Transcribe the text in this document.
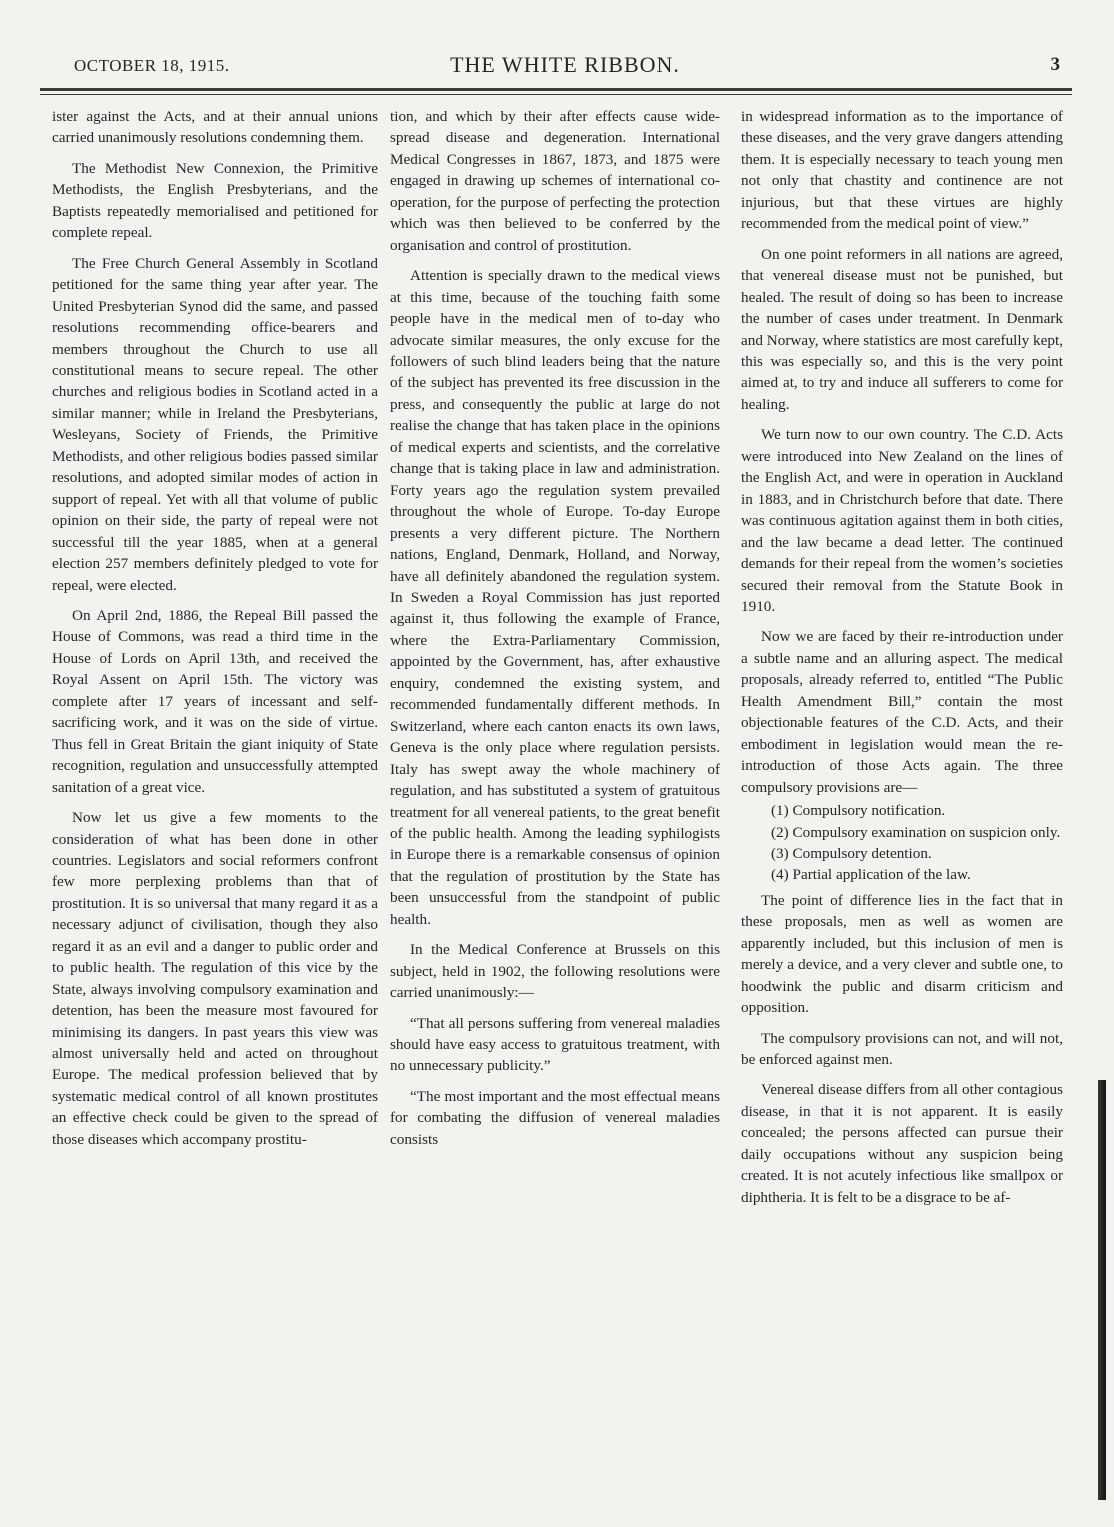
OCTOBER 18, 1915.	THE WHITE RIBBON.	3

ister against the Acts, and at their annual unions carried unanimously resolutions condemning them.

The Methodist New Connexion, the Primitive Methodists, the English Presbyterians, and the Baptists repeatedly memorialised and petitioned for complete repeal.

The Free Church General Assembly in Scotland petitioned for the same thing year after year. The United Presbyterian Synod did the same, and passed resolutions recommending office-bearers and members throughout the Church to use all constitutional means to secure repeal. The other churches and religious bodies in Scotland acted in a similar manner; while in Ireland the Presbyterians, Wesleyans, Society of Friends, the Primitive Methodists, and other religious bodies passed similar resolutions, and adopted similar modes of action in support of repeal. Yet with all that volume of public opinion on their side, the party of repeal were not successful till the year 1885, when at a general election 257 members definitely pledged to vote for repeal, were elected.

On April 2nd, 1886, the Repeal Bill passed the House of Commons, was read a third time in the House of Lords on April 13th, and received the Royal Assent on April 15th. The victory was complete after 17 years of incessant and self-sacrificing work, and it was on the side of virtue. Thus fell in Great Britain the giant iniquity of State recognition, regulation and unsuccessfully attempted sanitation of a great vice.

Now let us give a few moments to the consideration of what has been done in other countries. Legislators and social reformers confront few more perplexing problems than that of prostitution. It is so universal that many regard it as a necessary adjunct of civilisation, though they also regard it as an evil and a danger to public order and to public health. The regulation of this vice by the State, always involving compulsory examination and detention, has been the measure most favoured for minimising its dangers. In past years this view was almost universally held and acted on throughout Europe. The medical profession believed that by systematic medical control of all known prostitutes an effective check could be given to the spread of those diseases which accompany prostitu-

tion, and which by their after effects cause wide-spread disease and degeneration. International Medical Congresses in 1867, 1873, and 1875 were engaged in drawing up schemes of international co-operation, for the purpose of perfecting the protection which was then believed to be conferred by the organisation and control of prostitution.

Attention is specially drawn to the medical views at this time, because of the touching faith some people have in the medical men of to-day who advocate similar measures, the only excuse for the followers of such blind leaders being that the nature of the subject has prevented its free discussion in the press, and consequently the public at large do not realise the change that has taken place in the opinions of medical experts and scientists, and the correlative change that is taking place in law and administration. Forty years ago the regulation system prevailed throughout the whole of Europe. To-day Europe presents a very different picture. The Northern nations, England, Denmark, Holland, and Norway, have all definitely abandoned the regulation system. In Sweden a Royal Commission has just reported against it, thus following the example of France, where the Extra-Parliamentary Commission, appointed by the Government, has, after exhaustive enquiry, condemned the existing system, and recommended fundamentally different methods. In Switzerland, where each canton enacts its own laws, Geneva is the only place where regulation persists. Italy has swept away the whole machinery of regulation, and has substituted a system of gratuitous treatment for all venereal patients, to the great benefit of the public health. Among the leading syphilogists in Europe there is a remarkable consensus of opinion that the regulation of prostitution by the State has been unsuccessful from the standpoint of public health.

In the Medical Conference at Brussels on this subject, held in 1902, the following resolutions were carried unanimously:—

“That all persons suffering from venereal maladies should have easy access to gratuitous treatment, with no unnecessary publicity.”

“The most important and the most effectual means for combating the diffusion of venereal maladies consists

in widespread information as to the importance of these diseases, and the very grave dangers attending them. It is especially necessary to teach young men not only that chastity and continence are not injurious, but that these virtues are highly recommended from the medical point of view.”

On one point reformers in all nations are agreed, that venereal disease must not be punished, but healed. The result of doing so has been to increase the number of cases under treatment. In Denmark and Norway, where statistics are most carefully kept, this was especially so, and this is the very point aimed at, to try and induce all sufferers to come for healing.

We turn now to our own country. The C.D. Acts were introduced into New Zealand on the lines of the English Act, and were in operation in Auckland in 1883, and in Christchurch before that date. There was continuous agitation against them in both cities, and the law became a dead letter. The continued demands for their repeal from the women’s societies secured their removal from the Statute Book in 1910.

Now we are faced by their re-introduction under a subtle name and an alluring aspect. The medical proposals, already referred to, entitled “The Public Health Amendment Bill,” contain the most objectionable features of the C.D. Acts, and their embodiment in legislation would mean the re-introduction of those Acts again. The three compulsory provisions are—

(1) Compulsory notification.
(2) Compulsory examination on suspicion only.
(3) Compulsory detention.
(4) Partial application of the law.

The point of difference lies in the fact that in these proposals, men as well as women are apparently included, but this inclusion of men is merely a device, and a very clever and subtle one, to hoodwink the public and disarm criticism and opposition.

The compulsory provisions can not, and will not, be enforced against men.

Venereal disease differs from all other contagious disease, in that it is not apparent. It is easily concealed; the persons affected can pursue their daily occupations without any suspicion being created. It is not acutely infectious like smallpox or diphtheria. It is felt to be a disgrace to be af-
